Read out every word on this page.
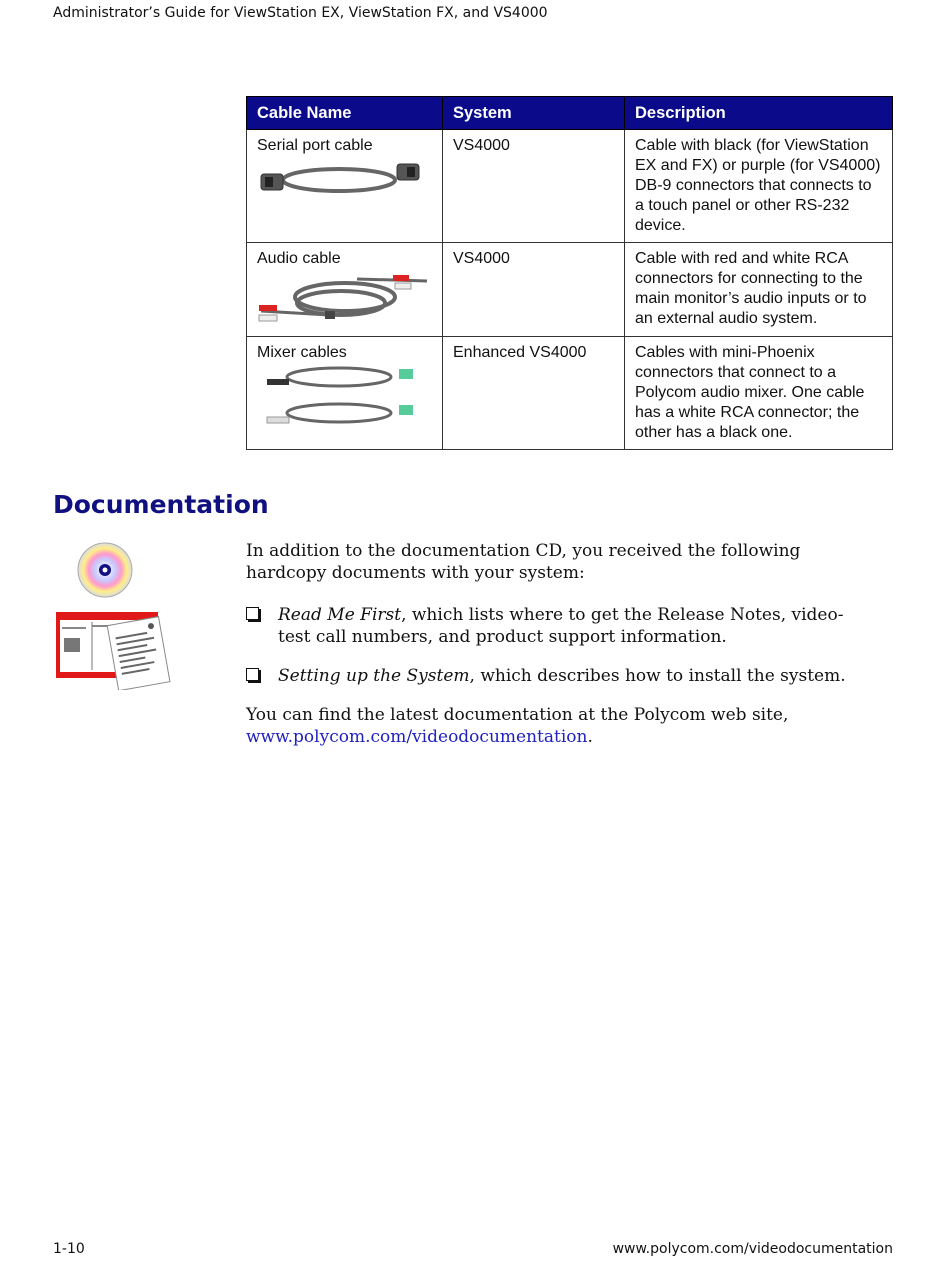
Administrator’s Guide for ViewStation EX, ViewStation FX, and VS4000
Cable Name	System	Description

Serial port cable	VS4000	Cable with black (for ViewStation EX and FX) or purple (for VS4000) DB-9 connectors that connects to a touch panel or other RS-232 device.

Audio cable	VS4000	Cable with red and white RCA connectors for connecting to the main monitor’s audio inputs or to an external audio system.

Mixer cables	Enhanced VS4000	Cables with mini-Phoenix connectors that connect to a Polycom audio mixer. One cable has a white RCA connector; the other has a black one.
Documentation

In addition to the documentation CD, you received the following hardcopy documents with your system:

Read Me First, which lists where to get the Release Notes, video-test call numbers, and product support information.
Setting up the System, which describes how to install the system.

You can find the latest documentation at the Polycom web site,
www.polycom.com/videodocumentation.

1-10	www.polycom.com/videodocumentation
